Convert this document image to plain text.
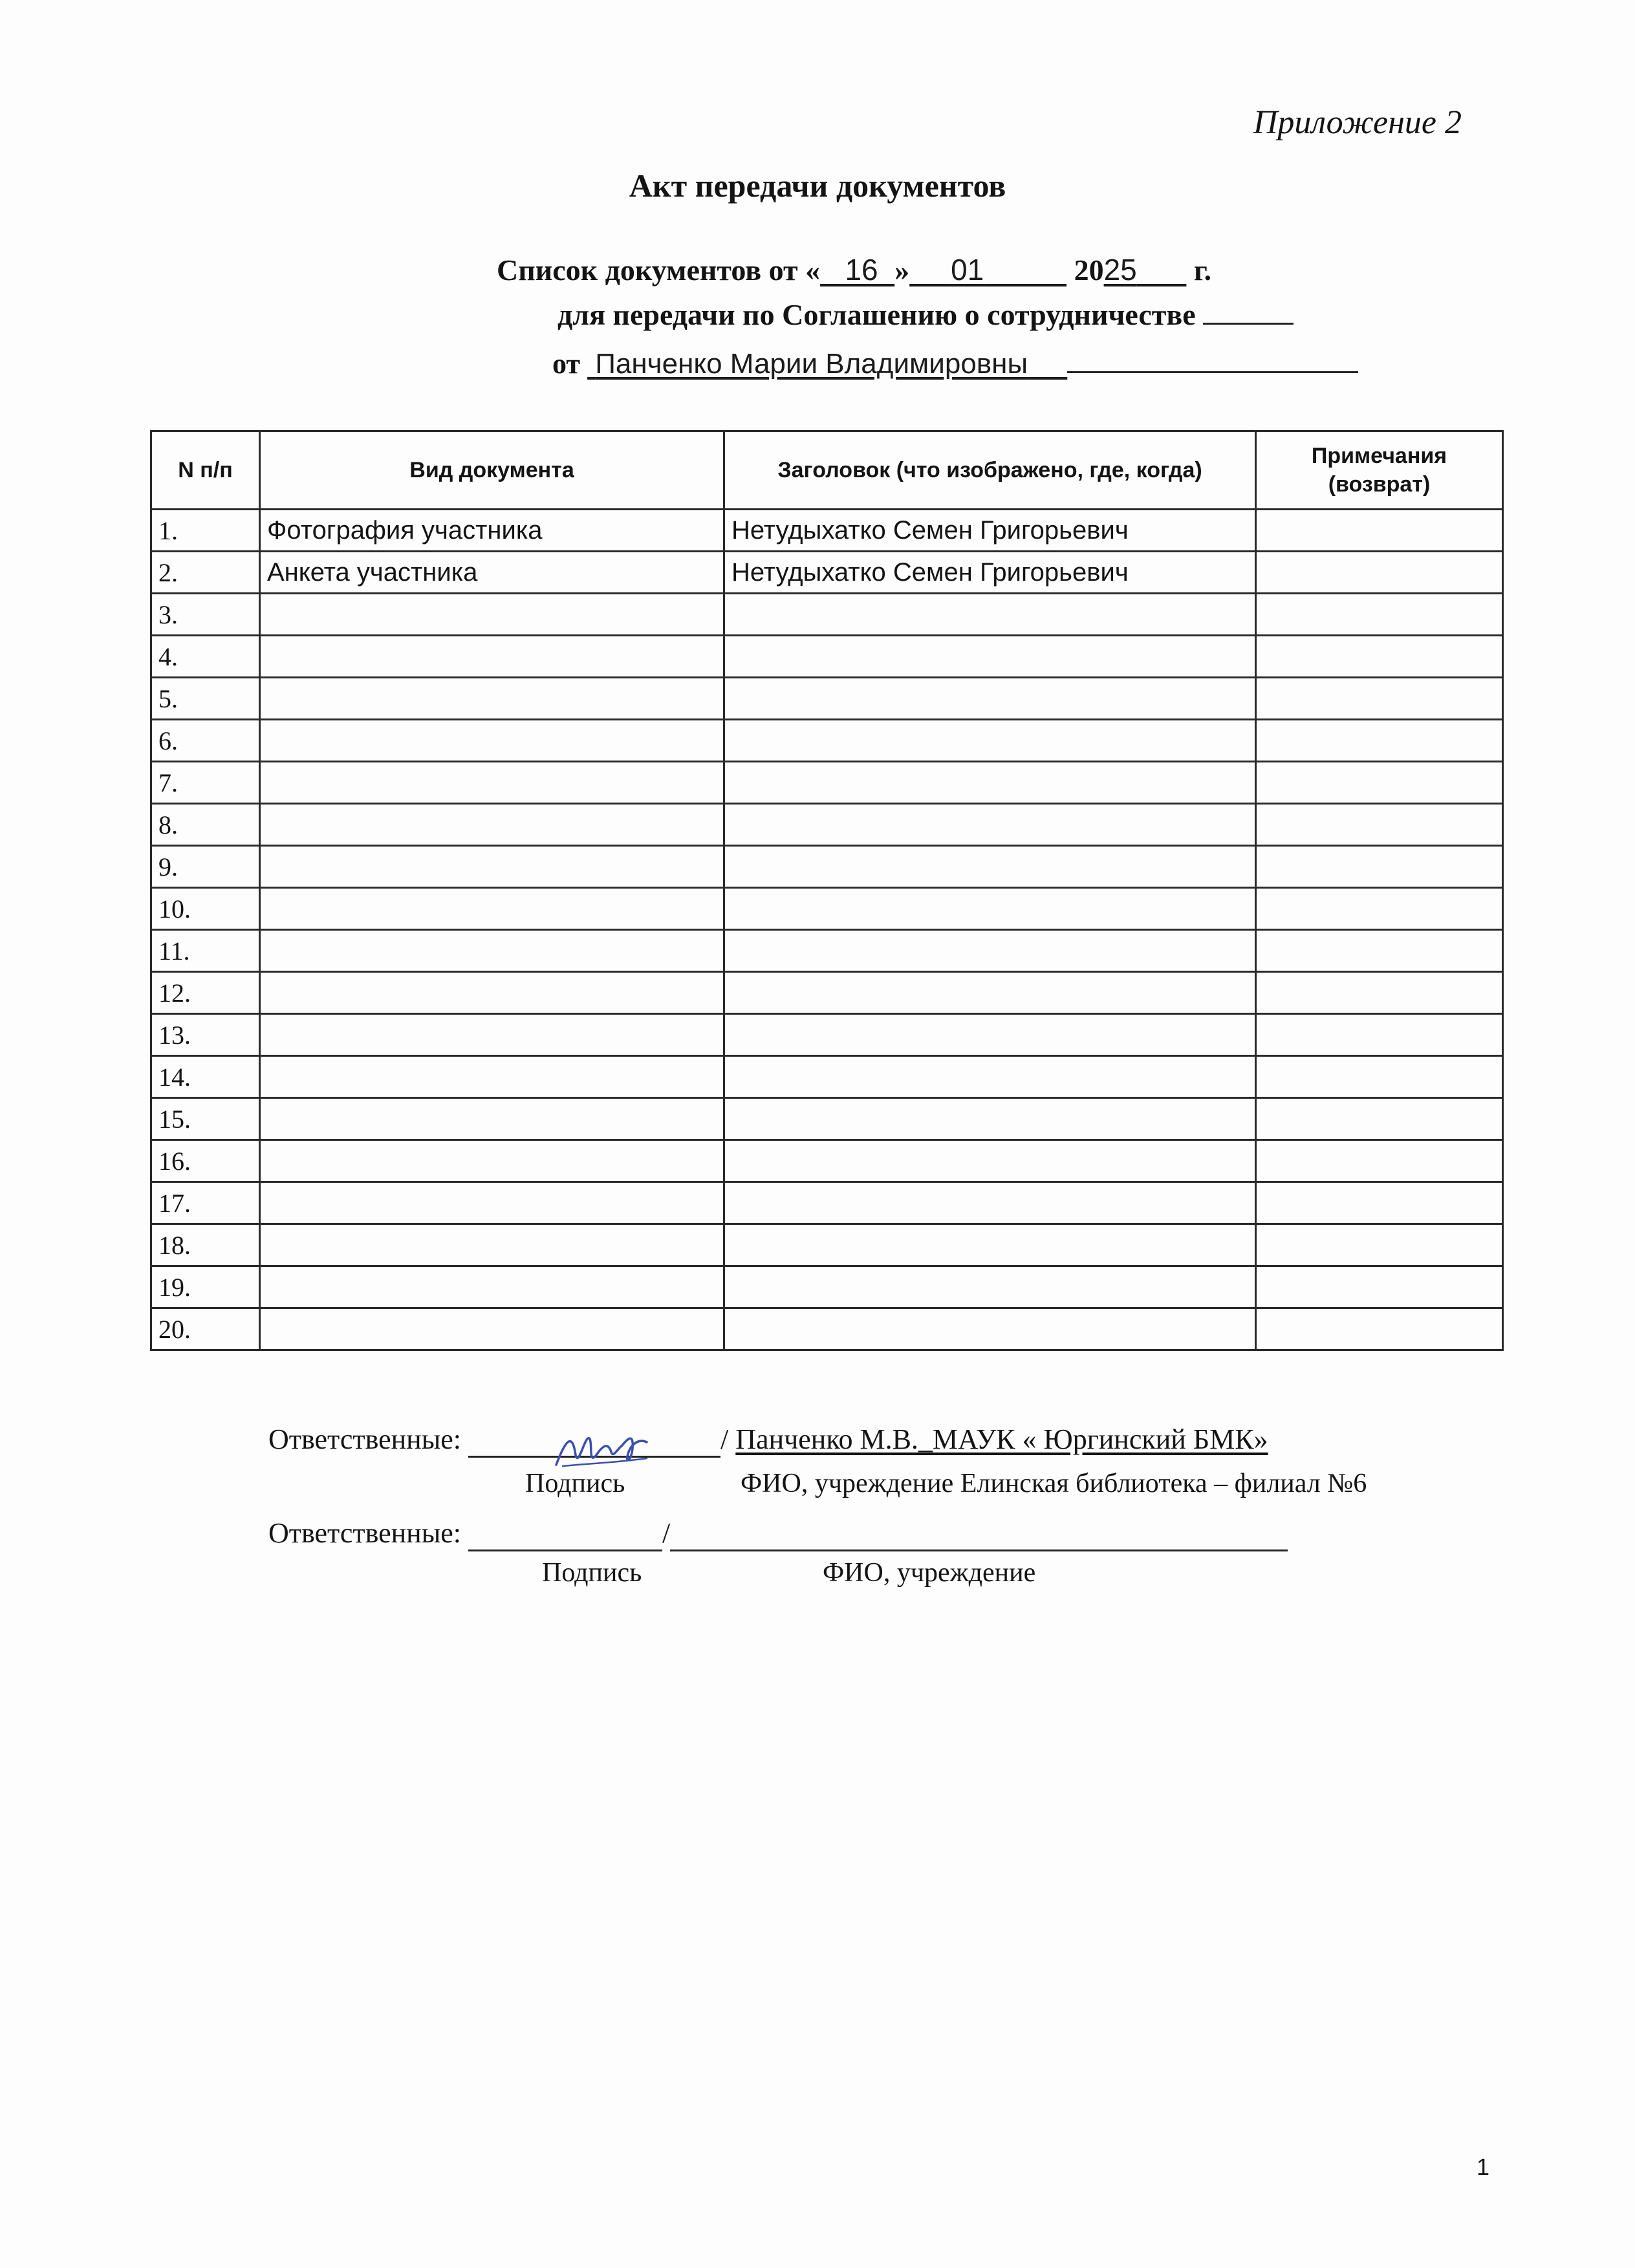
Приложение 2
Акт передачи документов
Список документов от « 16 » 01	2025 г.
для передачи по Соглашению о сотрудничестве
от Панченко Марии Владимировны
N п/п	Вид документа	Заголовок (что изображено, где, когда)	Примечания (возврат)
1.	Фотография участника	Нетудыхатко Семен Григорьевич	
2.	Анкета участника	Нетудыхатко Семен Григорьевич	
3.			
4.			
5.			
6.			
7.			
8.			
9.			
10.			
11.			
12.			
13.			
14.			
15.			
16.			
17.			
18.			
19.			
20.			
Ответственные:	/ Панченко М.В._МАУК « Юргинский БМК»
Подпись	ФИО, учреждение Елинская библиотека – филиал №6
Ответственные:	/
Подпись	ФИО, учреждение
1
